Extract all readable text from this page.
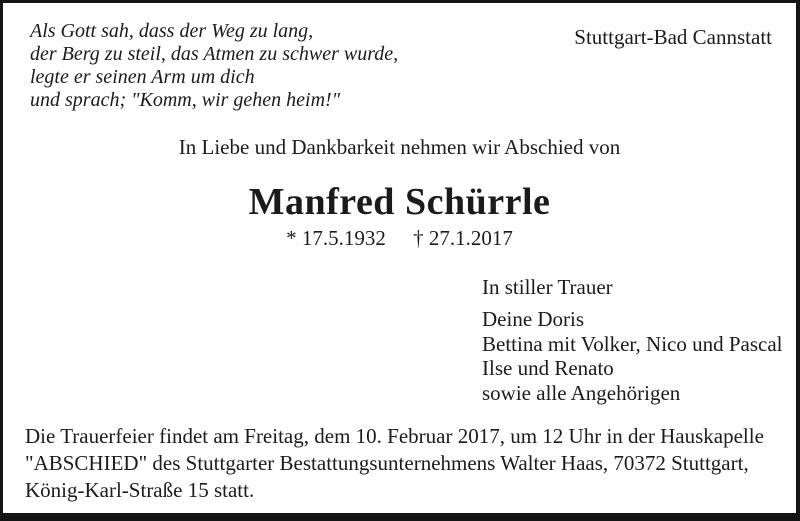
Als Gott sah, dass der Weg zu lang,
der Berg zu steil, das Atmen zu schwer wurde,
legte er seinen Arm um dich
und sprach; "Komm, wir gehen heim!"
Stuttgart-Bad Cannstatt
In Liebe und Dankbarkeit nehmen wir Abschied von
Manfred Schürrle
* 17.5.1932 † 27.1.2017
In stiller Trauer
Deine Doris
Bettina mit Volker, Nico und Pascal
Ilse und Renato
sowie alle Angehörigen
Die Trauerfeier findet am Freitag, dem 10. Februar 2017, um 12 Uhr in der Hauskapelle
"ABSCHIED" des Stuttgarter Bestattungsunternehmens Walter Haas, 70372 Stuttgart,
König-Karl-Straße 15 statt.
